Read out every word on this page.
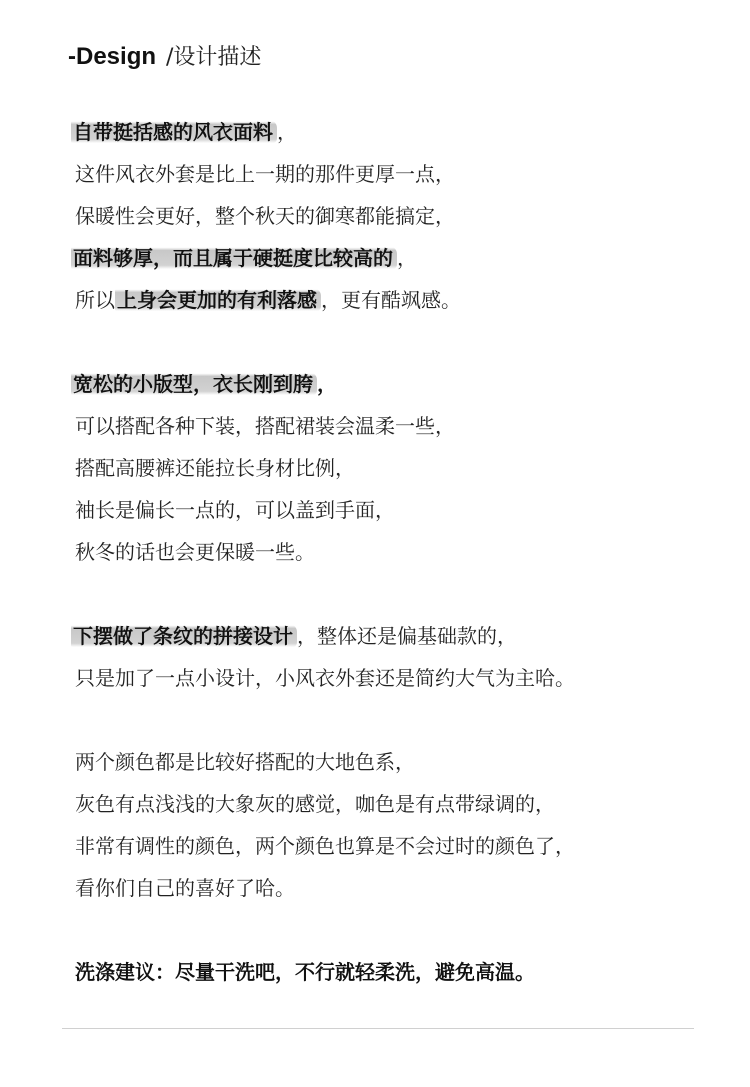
-Design /设计描述
自带挺括感的风衣面料 ，
这件风衣外套是比上一期的那件更厚一点，
保暖性会更好，整个秋天的御寒都能搞定，
面料够厚，而且属于硬挺度比较高的 ，
所以 上身会更加的有利落感 ，更有酷飒感。
宽松的小版型，衣长刚到胯 ，
可以搭配各种下装，搭配裙装会温柔一些，
搭配高腰裤还能拉长身材比例，
袖长是偏长一点的，可以盖到手面，
秋冬的话也会更保暖一些。
下摆做了条纹的拼接设计 ，整体还是偏基础款的，
只是加了一点小设计，小风衣外套还是简约大气为主哈。
两个颜色都是比较好搭配的大地色系，
灰色有点浅浅的大象灰的感觉，咖色是有点带绿调的，
非常有调性的颜色，两个颜色也算是不会过时的颜色了，
看你们自己的喜好了哈。
洗涤建议：尽量干洗吧，不行就轻柔洗，避免高温。
